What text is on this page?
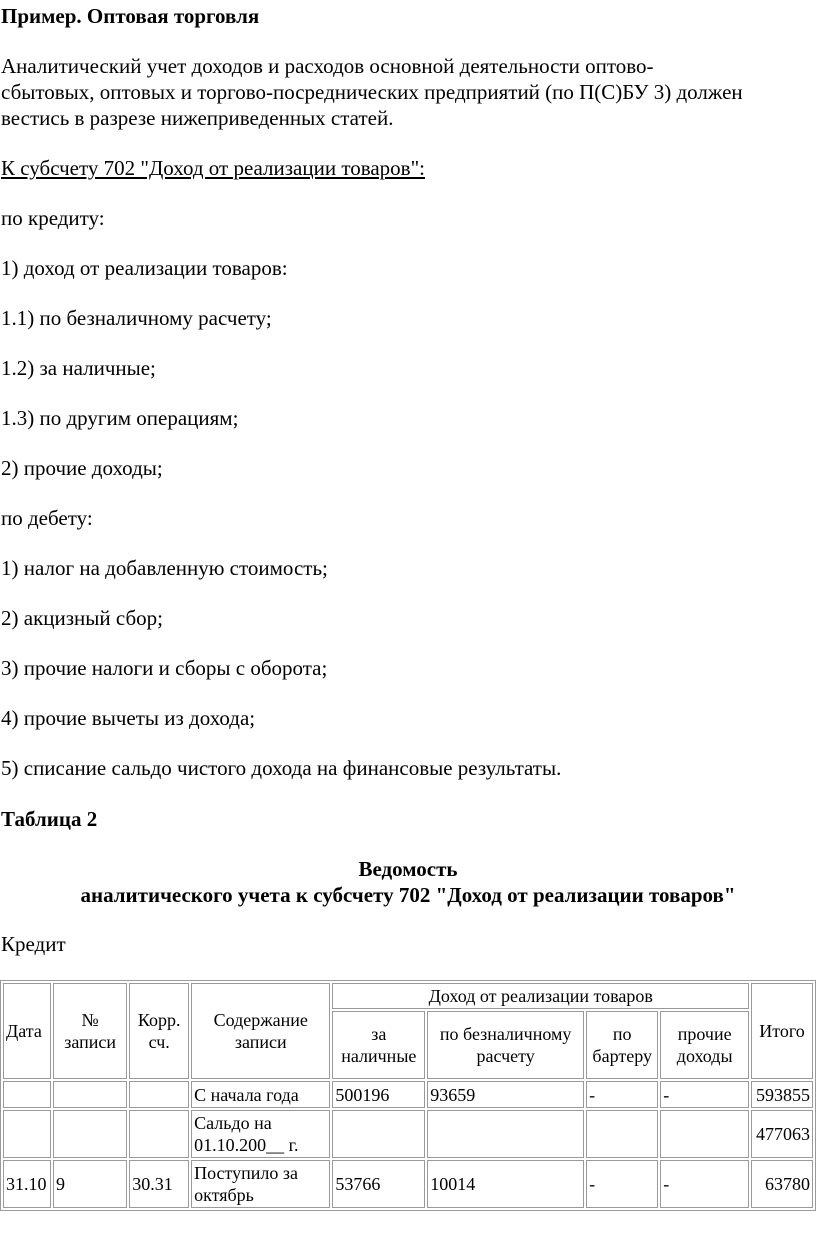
Пример. Оптовая торговля
Аналитический учет доходов и расходов основной деятельности оптово-
сбытовых, оптовых и торгово-посреднических предприятий (по П(С)БУ 3) должен
вестись в разрезе нижеприведенных статей.
К субсчету 702 "Доход от реализации товаров":
по кредиту:
1) доход от реализации товаров:
1.1) по безналичному расчету;
1.2) за наличные;
1.3) по другим операциям;
2) прочие доходы;
по дебету:
1) налог на добавленную стоимость;
2) акцизный сбор;
3) прочие налоги и сборы с оборота;
4) прочие вычеты из дохода;
5) списание сальдо чистого дохода на финансовые результаты.
Таблица 2
Ведомость
аналитического учета к субсчету 702 "Доход от реализации товаров"
Кредит
Дата	№ записи	Корр. сч.	Содержание записи	Доход от реализации товаров				Итого
				за наличные	по безналичному расчету	по бартеру	прочие доходы	
			С начала года	500196	93659	-	-	593855
			Сальдо на 01.10.200__ г.					477063
31.10	9	30.31	Поступило за октябрь	53766	10014	-	-	63780
